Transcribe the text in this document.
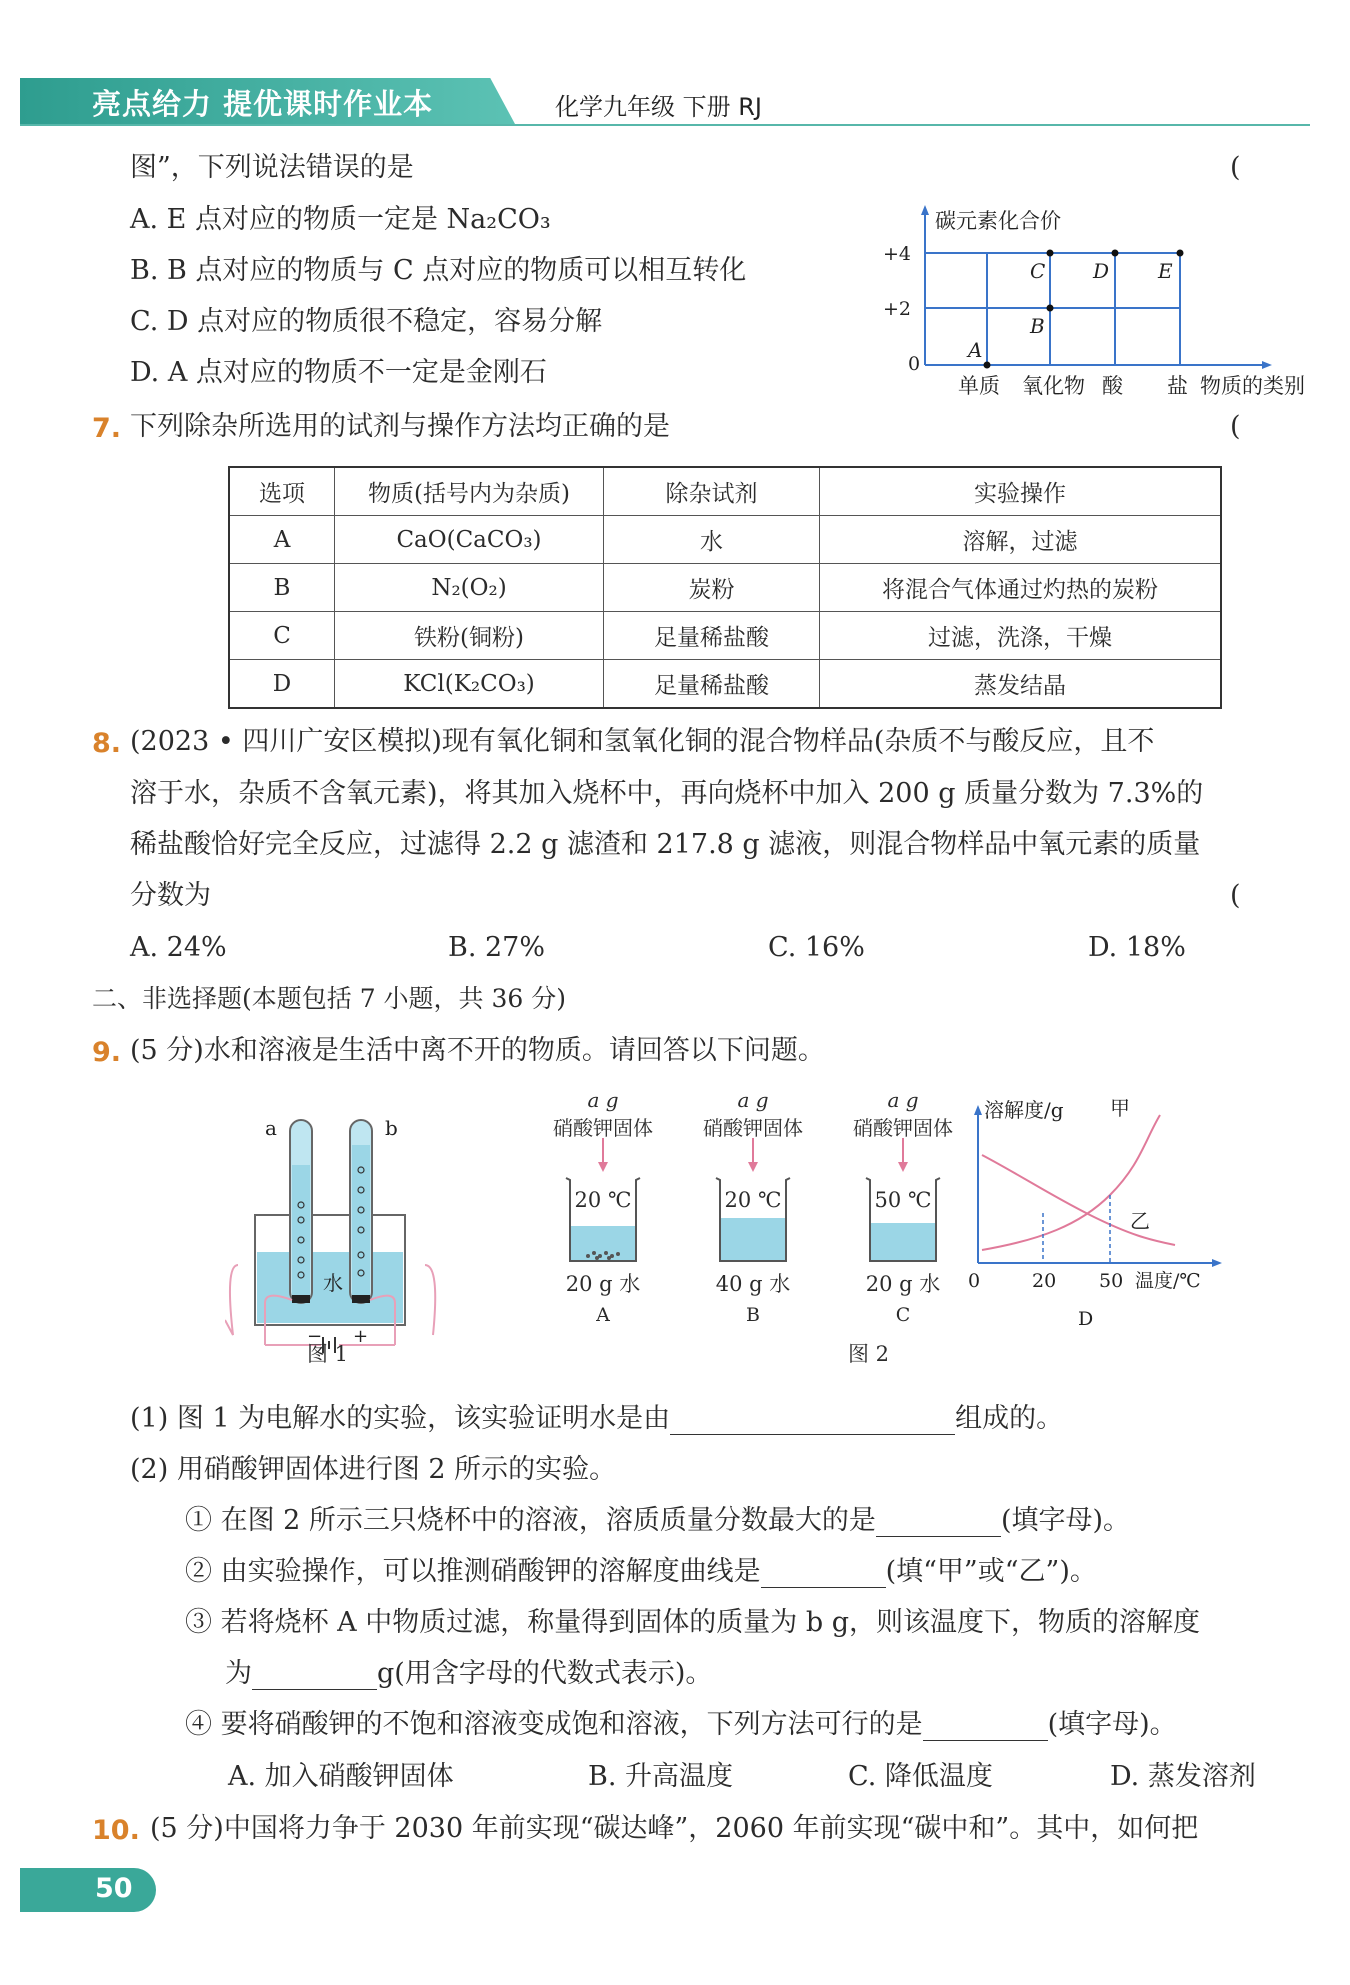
亮点给力 提优课时作业本	化学九年级 下册 RJ
图”，下列说法错误的是	(
A. E 点对应的物质一定是 Na₂CO₃
B. B 点对应的物质与 C 点对应的物质可以相互转化
C. D 点对应的物质很不稳定，容易分解
D. A 点对应的物质不一定是金刚石
碳元素化合价
+4
+2
0
单质 氧化物 酸 盐 物质的类别
A
B
C D E
7. 下列除杂所选用的试剂与操作方法均正确的是	(
选项	物质(括号内为杂质)	除杂试剂	实验操作
A	CaO(CaCO₃)	水	溶解，过滤
B	N₂(O₂)	炭粉	将混合气体通过灼热的炭粉
C	铁粉(铜粉)	足量稀盐酸	过滤，洗涤，干燥
D	KCl(K₂CO₃)	足量稀盐酸	蒸发结晶
8. (2023 • 四川广安区模拟)现有氧化铜和氢氧化铜的混合物样品(杂质不与酸反应，且不
溶于水，杂质不含氧元素)，将其加入烧杯中，再向烧杯中加入 200 g 质量分数为 7.3%的
稀盐酸恰好完全反应，过滤得 2.2 g 滤渣和 217.8 g 滤液，则混合物样品中氧元素的质量
分数为	(
A. 24%	B. 27%	C. 16%	D. 18%
二、非选择题(本题包括 7 小题，共 36 分)
9. (5 分)水和溶液是生活中离不开的物质。请回答以下问题。
a	b
水
− +
图 1
a g
硝酸钾固体
20 ℃
20 g 水
A
a g
硝酸钾固体
20 ℃
40 g 水
B
a g
硝酸钾固体
50 ℃
20 g 水
C
图 2
溶解度/g 甲
乙
0	20 50 温度/℃
D
(1) 图 1 为电解水的实验，该实验证明水是由	组成的。
(2) 用硝酸钾固体进行图 2 所示的实验。
① 在图 2 所示三只烧杯中的溶液，溶质质量分数最大的是	(填字母)。
② 由实验操作，可以推测硝酸钾的溶解度曲线是	(填“甲”或“乙”)。
③ 若将烧杯 A 中物质过滤，称量得到固体的质量为 b g，则该温度下，物质的溶解度
为	g(用含字母的代数式表示)。
④ 要将硝酸钾的不饱和溶液变成饱和溶液，下列方法可行的是	(填字母)。
A. 加入硝酸钾固体	B. 升高温度	C. 降低温度	D. 蒸发溶剂
10. (5 分)中国将力争于 2030 年前实现“碳达峰”，2060 年前实现“碳中和”。其中，如何把
50
